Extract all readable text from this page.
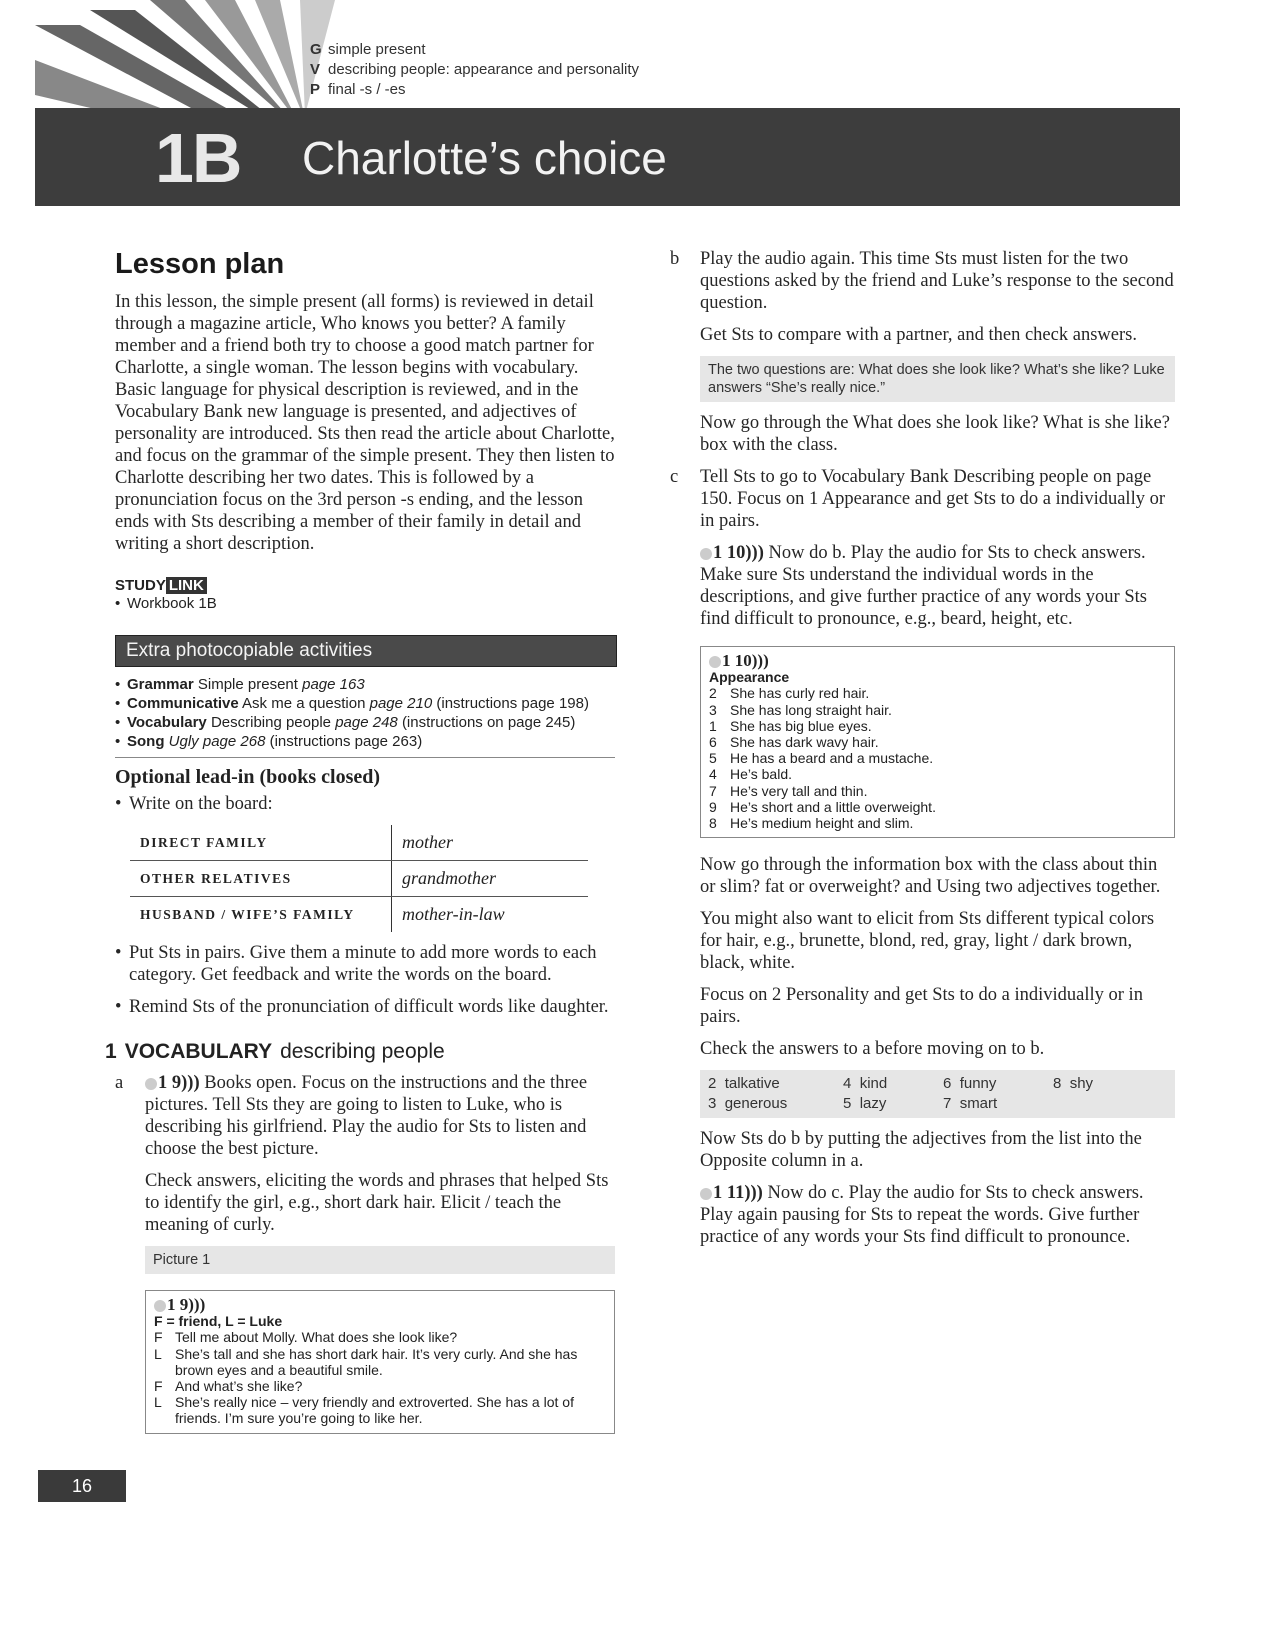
G simple present
V describing people: appearance and personality
P final -s / -es
1B Charlotte’s choice
Lesson plan

In this lesson, the simple present (all forms) is reviewed in detail through a magazine article, Who knows you better? A family member and a friend both try to choose a good match partner for Charlotte, a single woman. The lesson begins with vocabulary. Basic language for physical description is reviewed, and in the Vocabulary Bank new language is presented, and adjectives of personality are introduced. Sts then read the article about Charlotte, and focus on the grammar of the simple present. They then listen to Charlotte describing her two dates. This is followed by a pronunciation focus on the 3rd person -s ending, and the lesson ends with Sts describing a member of their family in detail and writing a short description.

STUDY LINK
• Workbook 1B
Extra photocopiable activities
• Grammar Simple present page 163
• Communicative Ask me a question page 210 (instructions page 198)
• Vocabulary Describing people page 248 (instructions on page 245)
• Song Ugly page 268 (instructions page 263)
Optional lead-in (books closed)

• Write on the board:

DIRECT FAMILY	mother
OTHER RELATIVES	grandmother
HUSBAND / WIFE’S FAMILY	mother-in-law

• Put Sts in pairs. Give them a minute to add more words to each category. Get feedback and write the words on the board.

• Remind Sts of the pronunciation of difficult words like daughter.

1 VOCABULARY describing people
a 1 9))) Books open. Focus on the instructions and the three pictures. Tell Sts they are going to listen to Luke, who is describing his girlfriend. Play the audio for Sts to listen and choose the best picture.

Check answers, eliciting the words and phrases that helped Sts to identify the girl, e.g., short dark hair. Elicit / teach the meaning of curly.

Picture 1
1 9)))
F = friend, L = Luke
F Tell me about Molly. What does she look like?
L She’s tall and she has short dark hair. It’s very curly. And she has brown eyes and a beautiful smile.
F And what’s she like?
L She’s really nice – very friendly and extroverted. She has a lot of friends. I’m sure you’re going to like her.
b Play the audio again. This time Sts must listen for the two questions asked by the friend and Luke’s response to the second question.

Get Sts to compare with a partner, and then check answers.

The two questions are: What does she look like? What’s she like? Luke answers “She’s really nice.”

Now go through the What does she look like? What is she like? box with the class.

c Tell Sts to go to Vocabulary Bank Describing people on page 150. Focus on 1 Appearance and get Sts to do a individually or in pairs.

1 10))) Now do b. Play the audio for Sts to check answers. Make sure Sts understand the individual words in the descriptions, and give further practice of any words your Sts find difficult to pronounce, e.g., beard, height, etc.

1 10)))
Appearance
2 She has curly red hair.
3 She has long straight hair.
1 She has big blue eyes.
6 She has dark wavy hair.
5 He has a beard and a mustache.
4 He’s bald.
7 He’s very tall and thin.
9 He’s short and a little overweight.
8 He’s medium height and slim.

Now go through the information box with the class about thin or slim? fat or overweight? and Using two adjectives together.

You might also want to elicit from Sts different typical colors for hair, e.g., brunette, blond, red, gray, light / dark brown, black, white.

Focus on 2 Personality and get Sts to do a individually or in pairs.

Check the answers to a before moving on to b.

2 talkative	4 kind	6 funny	8 shy
3 generous	5 lazy	7 smart

Now Sts do b by putting the adjectives from the list into the Opposite column in a.

1 11))) Now do c. Play the audio for Sts to check answers. Play again pausing for Sts to repeat the words. Give further practice of any words your Sts find difficult to pronounce.

16
